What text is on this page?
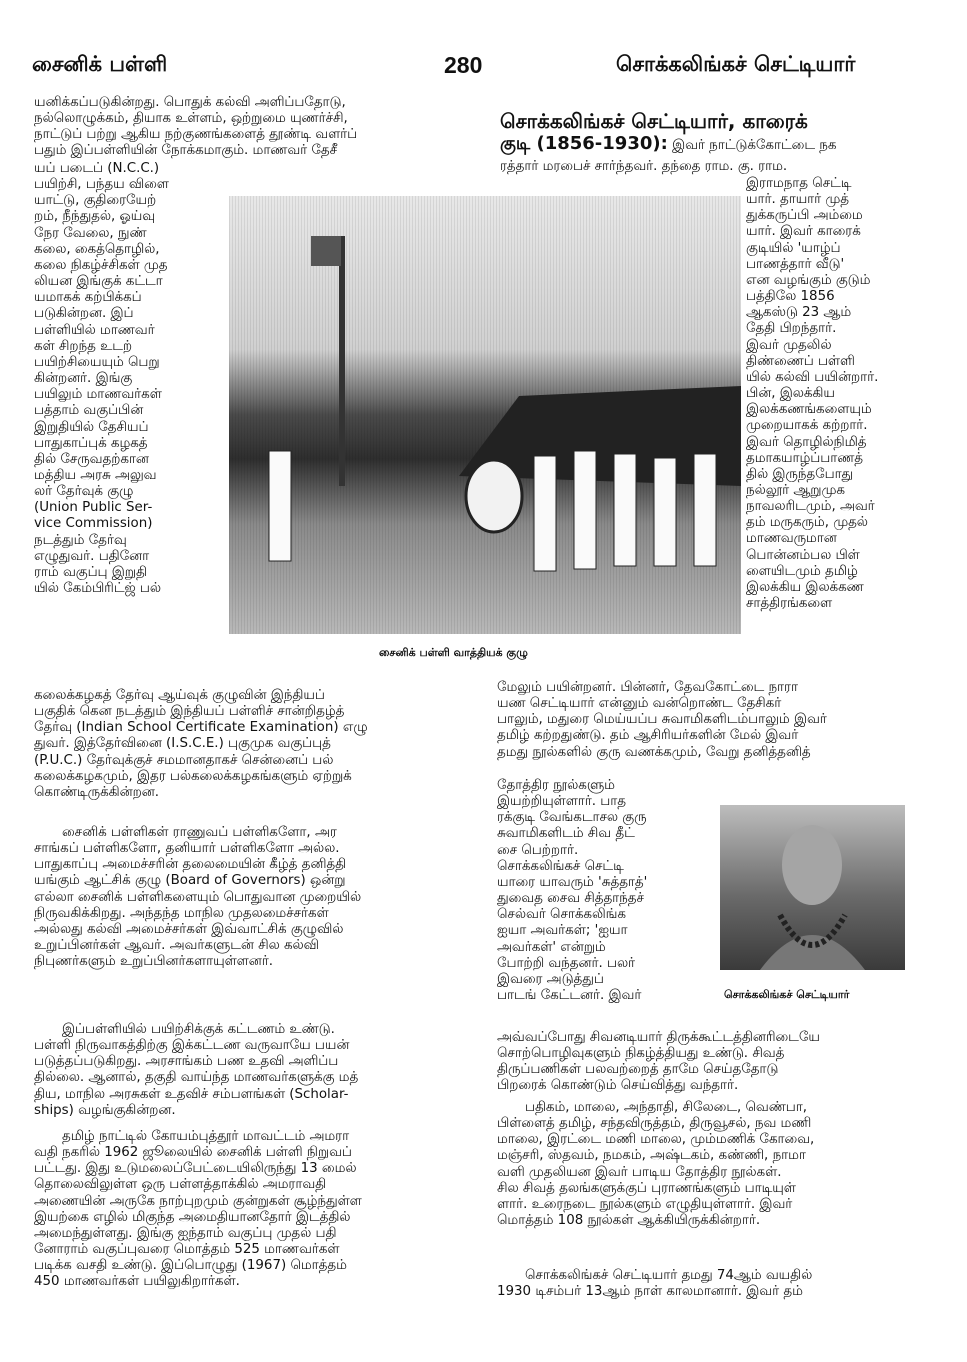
சைனிக் பள்ளி	280	சொக்கலிங்கச் செட்டியார்

யனிக்கப்படுகின்றது. பொதுக் கல்வி அளிப்பதோடு,
நல்லொழுக்கம், தியாக உள்ளம், ஒற்றுமை யுணர்ச்சி,
நாட்டுப் பற்று ஆகிய நற்குணங்களைத் தூண்டி வளர்ப்
பதும் இப்பள்ளியின் நோக்கமாகும். மாணவர் தேசீ

யப் படைப் (N.C.C.)
பயிற்சி, பந்தய விளை
யாட்டு, குதிரையேற்
றம், நீந்துதல், ஓய்வு
நேர வேலை, நுண்
கலை, கைத்தொழில்,
கலை நிகழ்ச்சிகள் முத
லியன இங்குக் கட்டா
யமாகக் கற்பிக்கப்
படுகின்றன. இப்
பள்ளியில் மாணவர்
கள் சிறந்த உடற்
பயிற்சியையும் பெறு
கின்றனர். இங்கு
பயிலும் மாணவர்கள்
பத்தாம் வகுப்பின்
இறுதியில் தேசியப்
பாதுகாப்புக் கழகத்
தில் சேருவதற்கான
மத்திய அரசு அலுவ
லர் தேர்வுக் குழு
(Union Public Ser-
vice Commission)
நடத்தும் தேர்வு
எழுதுவர். பதினோ
ராம் வகுப்பு இறுதி
யில் கேம்பிரிட்ஜ் பல்

கலைக்கழகத் தேர்வு ஆய்வுக் குழுவின் இந்தியப்
பகுதிக் கென நடத்தும் இந்தியப் பள்ளிச் சான்றிதழ்த்
தேர்வு (Indian School Certificate Examination) எழு
துவர். இத்தேர்வினை (I.S.C.E.) புகுமுக வகுப்புத்
(P.U.C.) தேர்வுக்குச் சமமானதாகச் சென்னைப் பல்
கலைக்கழகமும், இதர பல்கலைக்கழகங்களும் ஏற்றுக்
கொண்டிருக்கின்றன.

சைனிக் பள்ளிகள் ராணுவப் பள்ளிகளோ, அர
சாங்கப் பள்ளிகளோ, தனியார் பள்ளிகளோ அல்ல.
பாதுகாப்பு அமைச்சரின் தலைமையின் கீழ்த் தனித்தி
யங்கும் ஆட்சிக் குழு (Board of Governors) ஒன்று
எல்லா சைனிக் பள்ளிகளையும் பொதுவான முறையில்
நிருவகிக்கிறது. அந்தந்த மாநில முதலமைச்சர்கள்
அல்லது கல்வி அமைச்சர்கள் இவ்வாட்சிக் குழுவில்
உறுப்பினர்கள் ஆவர். அவர்களுடன் சில கல்வி
நிபுணர்களும் உறுப்பினர்களாயுள்ளனர்.

இப்பள்ளியில் பயிற்சிக்குக் கட்டணம் உண்டு.
பள்ளி நிருவாகத்திற்கு இக்கட்டண வருவாயே பயன்
படுத்தப்படுகிறது. அரசாங்கம் பண உதவி அளிப்ப
தில்லை. ஆனால், தகுதி வாய்ந்த மாணவர்களுக்கு மத்
திய, மாநில அரசுகள் உதவிச் சம்பளங்கள் (Scholar-
ships) வழங்குகின்றன.

தமிழ் நாட்டில் கோயம்புத்தூர் மாவட்டம் அமரா
வதி நகரில் 1962 ஜூலையில் சைனிக் பள்ளி நிறுவப்
பட்டது. இது உடுமலைப்பேட்டையிலிருந்து 13 மைல்
தொலைவிலுள்ள ஒரு பள்ளத்தாக்கில் அமராவதி
அணையின் அருகே நாற்புறமும் குன்றுகள் சூழ்ந்துள்ள
இயற்கை எழில் மிகுந்த அமைதியானதோர் இடத்தில்
அமைந்துள்ளது. இங்கு ஐந்தாம் வகுப்பு முதல் பதி
னோராம் வகுப்புவரை மொத்தம் 525 மாணவர்கள்
படிக்க வசதி உண்டு. இப்பொழுது (1967) மொத்தம்
450 மாணவர்கள் பயிலுகிறார்கள்.

சொக்கலிங்கச் செட்டியார், காரைக்

குடி (1856-1930): இவர் நாட்டுக்கோட்டை நக

ரத்தார் மரபைச் சார்ந்தவர். தந்தை ராம. கு. ராம.

இராமநாத செட்டி
யார். தாயார் முத்
துக்கருப்பி அம்மை
யார். இவர் காரைக்
குடியில் 'யாழ்ப்
பாணத்தார் வீடு'
என வழங்கும் குடும்
பத்திலே 1856
ஆகஸ்டு 23 ஆம்
தேதி பிறந்தார்.
இவர் முதலில்
திண்ணைப் பள்ளி
யில் கல்வி பயின்றார்.
பின், இலக்கிய
இலக்கணங்களையும்
முறையாகக் கற்றார்.
இவர் தொழில்நிமித்
தமாகயாழ்ப்பாணத்
தில் இருந்தபோது
நல்லூர் ஆறுமுக
நாவலரிடமும், அவர்
தம் மருகரும், முதல்
மாணவருமான
பொன்னம்பல பிள்
ளையிடமும் தமிழ்
இலக்கிய இலக்கண
சாத்திரங்களை

மேலும் பயின்றனர். பின்னர், தேவகோட்டை நாரா
யண செட்டியார் என்னும் வன்றொண்ட தேசிகர்
பாலும், மதுரை மெய்யப்ப சுவாமிகளிடம்பாலும் இவர்
தமிழ் கற்றதுண்டு. தம் ஆசிரியர்களின் மேல் இவர்
தமது நூல்களில் குரு வணக்கமும், வேறு தனித்தனித்

தோத்திர நூல்களும்
இயற்றியுள்ளார். பாத
ரக்குடி வேங்கடாசல குரு
சுவாமிகளிடம் சிவ தீட்
சை பெற்றார்.
சொக்கலிங்கச் செட்டி
யாரை யாவரும் 'சுத்தாத்'
துவைத சைவ சித்தாந்தச்
செல்வர் சொக்கலிங்க
ஐயா அவர்கள்; 'ஐயா
அவர்கள்' என்றும்
போற்றி வந்தனர். பலர்
இவரை அடுத்துப்
பாடங் கேட்டனர். இவர்

அவ்வப்போது சிவனடியார் திருக்கூட்டத்தினரிடையே
சொற்பொழிவுகளும் நிகழ்த்தியது உண்டு. சிவத்
திருப்பணிகள் பலவற்றைத் தாமே செய்ததோடு
பிறரைக் கொண்டும் செய்வித்து வந்தார்.

பதிகம், மாலை, அந்தாதி, சிலேடை, வெண்பா,
பிள்ளைத் தமிழ், சந்தவிருத்தம், திருவூசல், நவ மணி
மாலை, இரட்டை மணி மாலை, மும்மணிக் கோவை,
மஞ்சரி, ஸ்தவம், நமகம், அஷ்டகம், கண்ணி, நாமா
வளி முதலியன இவர் பாடிய தோத்திர நூல்கள்.
சில சிவத் தலங்களுக்குப் புராணங்களும் பாடியுள்
ளார். உரைநடை நூல்களும் எழுதியுள்ளார். இவர்
மொத்தம் 108 நூல்கள் ஆக்கியிருக்கின்றார்.

சொக்கலிங்கச் செட்டியார் தமது 74ஆம் வயதில்
1930 டிசம்பர் 13ஆம் நாள் காலமானார். இவர் தம்

சைனிக் பள்ளி வாத்தியக் குழு
சொக்கலிங்கச் செட்டியார்
